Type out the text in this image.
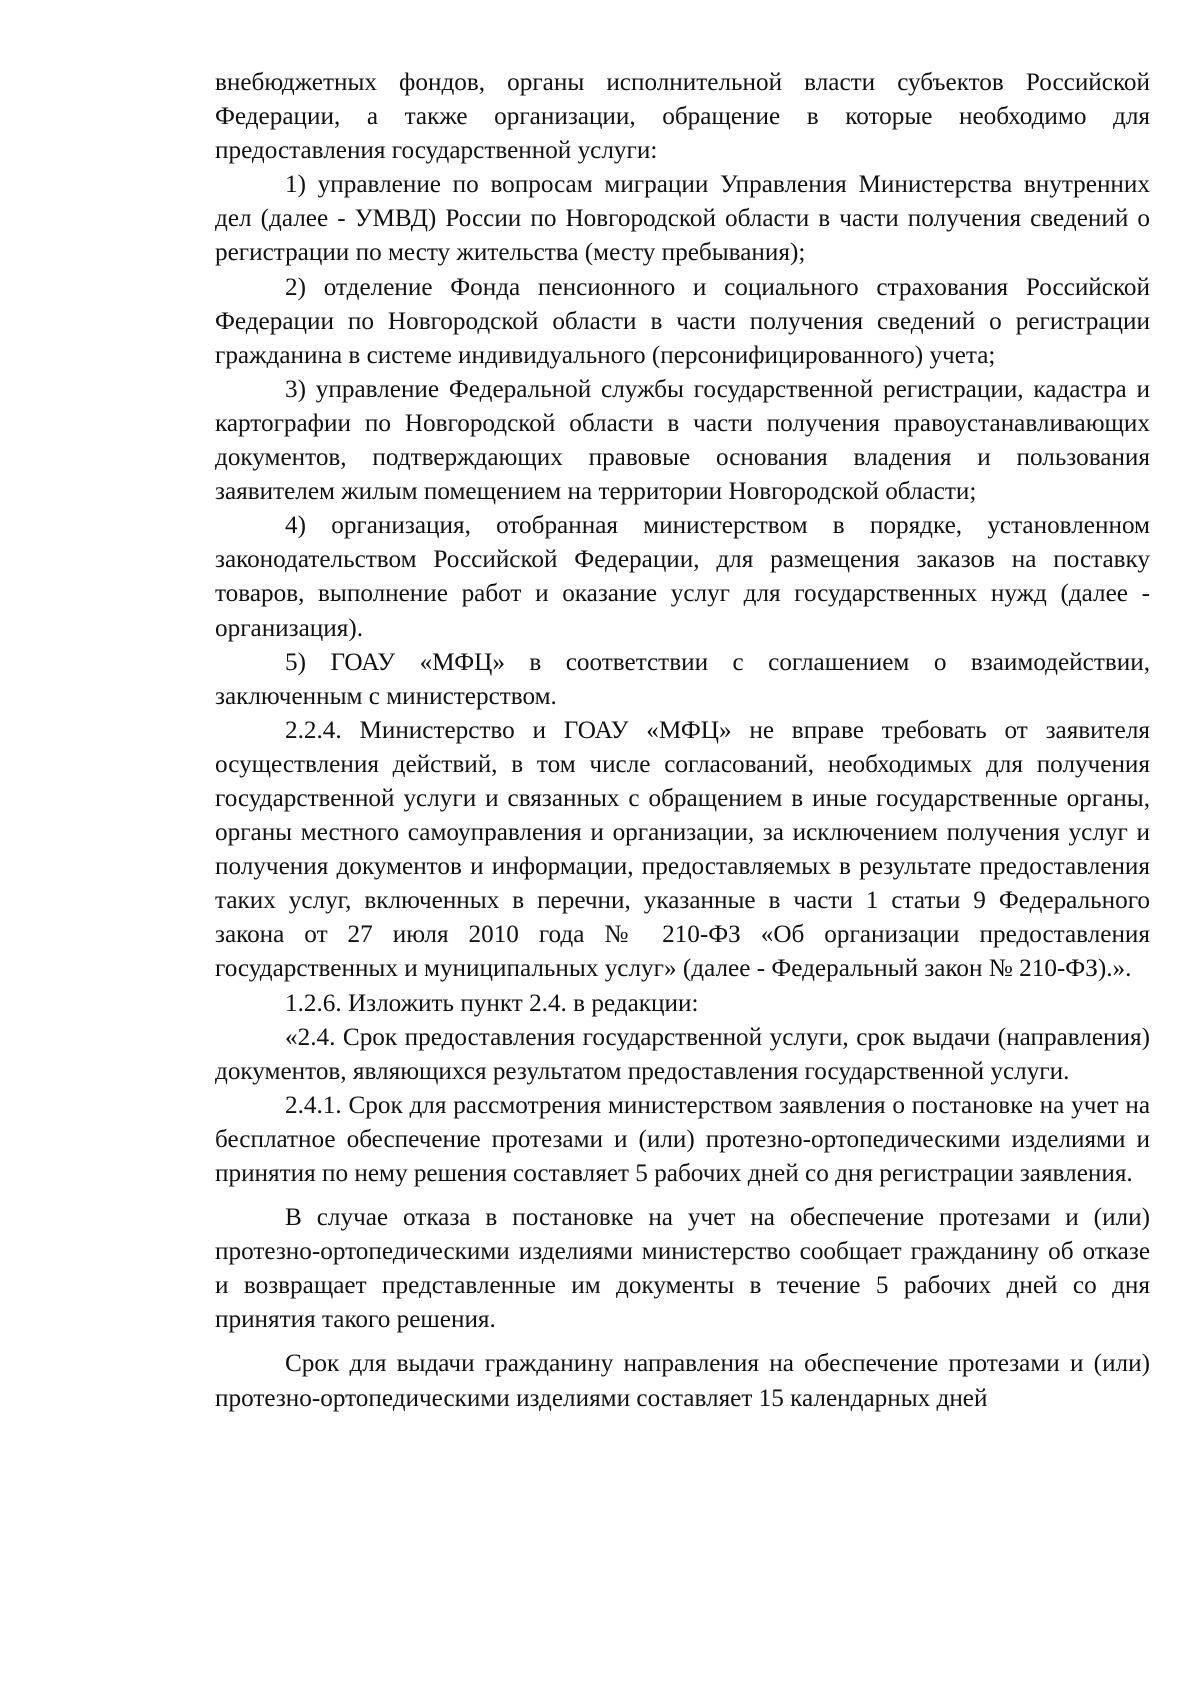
внебюджетных фондов, органы исполнительной власти субъектов Российской Федерации, а также организации, обращение в которые необходимо для предоставления государственной услуги:

1) управление по вопросам миграции Управления Министерства внутренних дел (далее - УМВД) России по Новгородской области в части получения сведений о регистрации по месту жительства (месту пребывания);

2) отделение Фонда пенсионного и социального страхования Российской Федерации по Новгородской области в части получения сведений о регистрации гражданина в системе индивидуального (персонифицированного) учета;

3) управление Федеральной службы государственной регистрации, кадастра и картографии по Новгородской области в части получения правоустанавливающих документов, подтверждающих правовые основания владения и пользования заявителем жилым помещением на территории Новгородской области;

4) организация, отобранная министерством в порядке, установленном законодательством Российской Федерации, для размещения заказов на поставку товаров, выполнение работ и оказание услуг для государственных нужд (далее - организация).

5) ГОАУ «МФЦ» в соответствии с соглашением о взаимодействии, заключенным с министерством.

2.2.4. Министерство и ГОАУ «МФЦ» не вправе требовать от заявителя осуществления действий, в том числе согласований, необходимых для получения государственной услуги и связанных с обращением в иные государственные органы, органы местного самоуправления и организации, за исключением получения услуг и получения документов и информации, предоставляемых в результате предоставления таких услуг, включенных в перечни, указанные в части 1 статьи 9 Федерального закона от 27 июля 2010 года № 210-ФЗ «Об организации предоставления государственных и муниципальных услуг» (далее - Федеральный закон № 210-ФЗ).».

1.2.6. Изложить пункт 2.4. в редакции:

«2.4. Срок предоставления государственной услуги, срок выдачи (направления) документов, являющихся результатом предоставления государственной услуги.

2.4.1. Срок для рассмотрения министерством заявления о постановке на учет на бесплатное обеспечение протезами и (или) протезно-ортопедическими изделиями и принятия по нему решения составляет 5 рабочих дней со дня регистрации заявления.

В случае отказа в постановке на учет на обеспечение протезами и (или) протезно-ортопедическими изделиями министерство сообщает гражданину об отказе и возвращает представленные им документы в течение 5 рабочих дней со дня принятия такого решения.

Срок для выдачи гражданину направления на обеспечение протезами и (или) протезно-ортопедическими изделиями составляет 15 календарных дней
